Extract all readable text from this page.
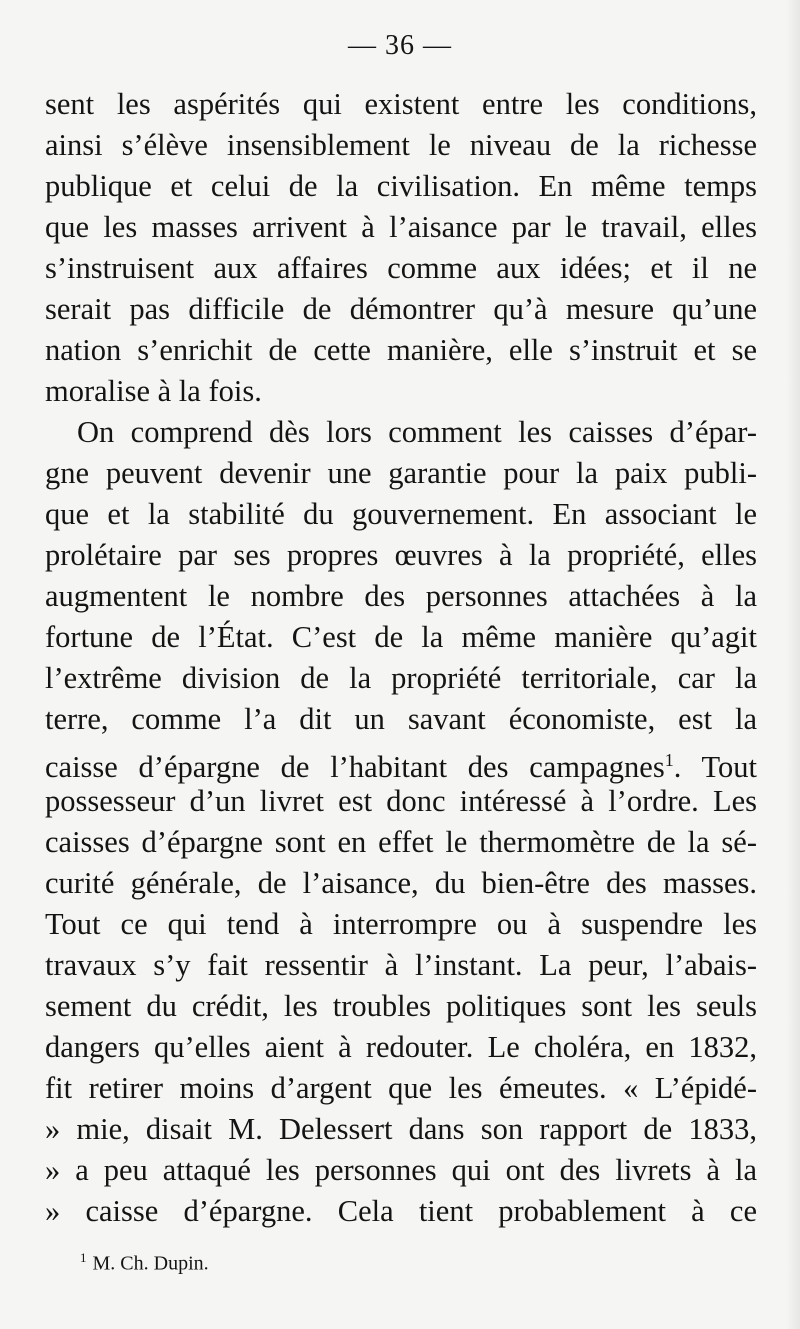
— 36 —
sent les aspérités qui existent entre les conditions,
ainsi s’élève insensiblement le niveau de la richesse
publique et celui de la civilisation. En même temps
que les masses arrivent à l’aisance par le travail, elles
s’instruisent aux affaires comme aux idées; et il ne
serait pas difficile de démontrer qu’à mesure qu’une
nation s’enrichit de cette manière, elle s’instruit et se
moralise à la fois.
On comprend dès lors comment les caisses d’épar-
gne peuvent devenir une garantie pour la paix publi-
que et la stabilité du gouvernement. En associant le
prolétaire par ses propres œuvres à la propriété, elles
augmentent le nombre des personnes attachées à la
fortune de l’État. C’est de la même manière qu’agit
l’extrême division de la propriété territoriale, car la
terre, comme l’a dit un savant économiste, est la
caisse d’épargne de l’habitant des campagnes$^1$. Tout
possesseur d’un livret est donc intéressé à l’ordre. Les
caisses d’épargne sont en effet le thermomètre de la sé-
curité générale, de l’aisance, du bien-être des masses.
Tout ce qui tend à interrompre ou à suspendre les
travaux s’y fait ressentir à l’instant. La peur, l’abais-
sement du crédit, les troubles politiques sont les seuls
dangers qu’elles aient à redouter. Le choléra, en 1832,
fit retirer moins d’argent que les émeutes. « L’épidé-
» mie, disait M. Delessert dans son rapport de 1833,
» a peu attaqué les personnes qui ont des livrets à la
» caisse d’épargne. Cela tient probablement à ce
$^1$ M. Ch. Dupin.
